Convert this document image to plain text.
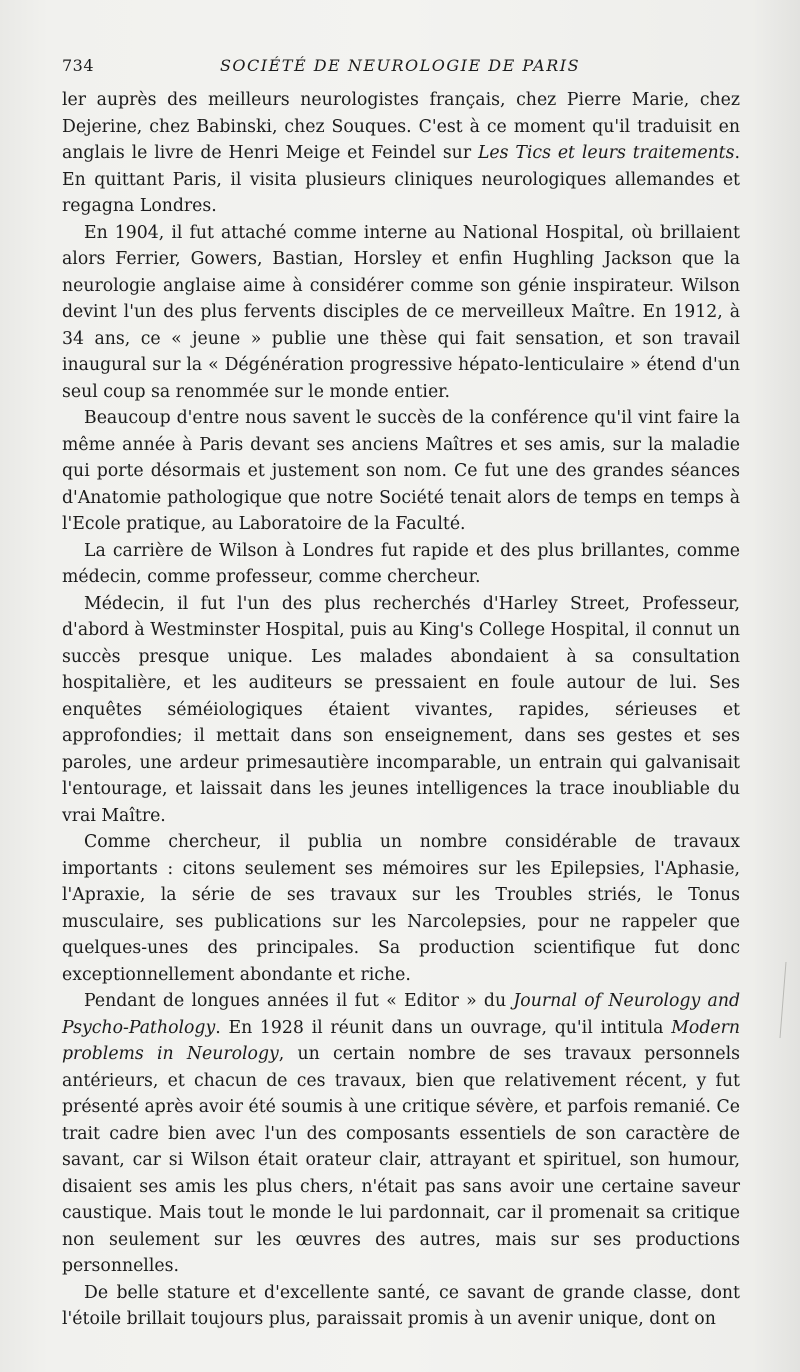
734	SOCIÉTÉ DE NEUROLOGIE DE PARIS

ler auprès des meilleurs neurologistes français, chez Pierre Marie, chez Dejerine, chez Babinski, chez Souques. C'est à ce moment qu'il traduisit en anglais le livre de Henri Meige et Feindel sur Les Tics et leurs traitements. En quittant Paris, il visita plusieurs cliniques neurologiques allemandes et regagna Londres.

En 1904, il fut attaché comme interne au National Hospital, où brillaient alors Ferrier, Gowers, Bastian, Horsley et enfin Hughling Jackson que la neurologie anglaise aime à considérer comme son génie inspirateur. Wilson devint l'un des plus fervents disciples de ce merveilleux Maître. En 1912, à 34 ans, ce « jeune » publie une thèse qui fait sensation, et son travail inaugural sur la « Dégénération progressive hépato-lenticulaire » étend d'un seul coup sa renommée sur le monde entier.

Beaucoup d'entre nous savent le succès de la conférence qu'il vint faire la même année à Paris devant ses anciens Maîtres et ses amis, sur la maladie qui porte désormais et justement son nom. Ce fut une des grandes séances d'Anatomie pathologique que notre Société tenait alors de temps en temps à l'Ecole pratique, au Laboratoire de la Faculté.

La carrière de Wilson à Londres fut rapide et des plus brillantes, comme médecin, comme professeur, comme chercheur.

Médecin, il fut l'un des plus recherchés d'Harley Street, Professeur, d'abord à Westminster Hospital, puis au King's College Hospital, il connut un succès presque unique. Les malades abondaient à sa consultation hospitalière, et les auditeurs se pressaient en foule autour de lui. Ses enquêtes séméiologiques étaient vivantes, rapides, sérieuses et approfondies; il mettait dans son enseignement, dans ses gestes et ses paroles, une ardeur primesautière incomparable, un entrain qui galvanisait l'entourage, et laissait dans les jeunes intelligences la trace inoubliable du vrai Maître.

Comme chercheur, il publia un nombre considérable de travaux importants : citons seulement ses mémoires sur les Epilepsies, l'Aphasie, l'Apraxie, la série de ses travaux sur les Troubles striés, le Tonus musculaire, ses publications sur les Narcolepsies, pour ne rappeler que quelques-unes des principales. Sa production scientifique fut donc exceptionnellement abondante et riche.

Pendant de longues années il fut « Editor » du Journal of Neurology and Psycho-Pathology. En 1928 il réunit dans un ouvrage, qu'il intitula Modern problems in Neurology, un certain nombre de ses travaux personnels antérieurs, et chacun de ces travaux, bien que relativement récent, y fut présenté après avoir été soumis à une critique sévère, et parfois remanié. Ce trait cadre bien avec l'un des composants essentiels de son caractère de savant, car si Wilson était orateur clair, attrayant et spirituel, son humour, disaient ses amis les plus chers, n'était pas sans avoir une certaine saveur caustique. Mais tout le monde le lui pardonnait, car il promenait sa critique non seulement sur les œuvres des autres, mais sur ses productions personnelles.

De belle stature et d'excellente santé, ce savant de grande classe, dont l'étoile brillait toujours plus, paraissait promis à un avenir unique, dont on
